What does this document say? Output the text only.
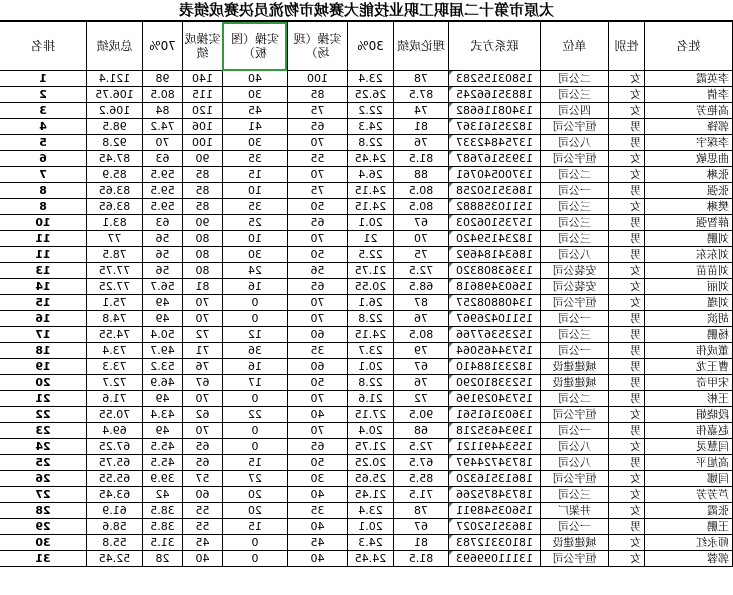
太原市第十二届职工职业技能大赛城市物流员决赛成绩表
姓名	性别	单位	联系方式	理论成绩	30%	实操（现场）	实操（图板）	实操成绩	70%	总成绩	排名
李英霞	女	二公司	15803155283	78	23.4	100	40	140	98	121.4	1
李倩	女	三公司	18835166245	87.5	26.25	85	30	115	80.5	106.75	2
高艳芳	女	四公司	13408116682	74	22.2	75	45	120	84	106.2	3
郭锋	男	恒宇公司	18235161367	81	24.3	65	41	106	74.2	98.5	4
李琛宇	男	八公司	13754842337	76	22.8	70	30	100	70	92.8	5
曲思敏	女	恒宇公司	13935167687	81.5	24.45	55	35	90	63	87.45	6
张琳	女	二公司	13700540761	88	26.4	70	15	85	59.5	85.9	7
张强	男	一公司	18635150258	80.5	24.15	75	10	85	59.5	83.65	8
樊琳	女	三公司	15110358882	80.5	24.15	50	35	85	59.5	83.65	8
薛智强	男	三公司	15735106203	67	20.1	65	25	90	63	83.1	10
刘鹏	男	三公司	18234159420	70	21	70	10	80	56	77	11
刘东东	男	八公司	18634184692	75	22.5	50	30	80	56	78.5	11
刘苗苗	女	安装公司	13363808320	72.5	21.75	56	24	80	56	77.75	13
刘丽	女	安装公司	15603498618	68.5	20.55	65	16	81	56.7	77.25	14
刘瑾	女	恒宇公司	13408808257	87	26.1	70	0	70	49	75.1	15
胡滨	男	一公司	15110426967	76	22.8	70	0	70	49	74.8	16
杨鹏	男	三公司	15235367766	80.5	24.15	60	12	72	50.4	74.55	17
董成伟	男	一公司	15734465064	79	23.7	35	36	71	49.7	73.4	18
曹王龙	男	城建建设	18233188410	67	20.1	60	16	76	53.2	73.3	19
宋甲奇	男	城建建设	15233810290	76	22.8	50	17	67	46.9	72.7	20
王彬	男	二公司	15734029196	72	21.6	70	0	70	49	71.6	21
段晓娟	女	恒宇公司	13603161561	90.5	27.15	40	22	62	43.4	70.55	22
赵嘉伟	男	一公司	13934635218	68	20.4	70	0	70	49	69.4	23
闫慧灵	女	八公司	15534491121	72.5	21.75	65	0	65	45.5	67.25	24
高旭平	男	八公司	18734724497	67.5	20.25	50	15	65	45.5	65.75	25
闫娜	女	恒宇公司	18613516320	85.5	25.65	30	27	57	39.9	65.55	26
芦芳芳	女	三公司	18734875266	71.5	21.45	40	20	60	42	63.45	27
张霞	女	井架厂	15603548911	78	23.4	35	20	55	38.5	61.9	28
王鹏	男	一公司	18635152027	67	20.1	40	15	55	38.5	58.6	29
师永红	女	城建建设	18103312783	81	24.3	45	0	45	31.5	55.8	30
郭蓉	女	恒宇公司	13111099693	81.5	24.45	40	0	40	28	52.45	31
